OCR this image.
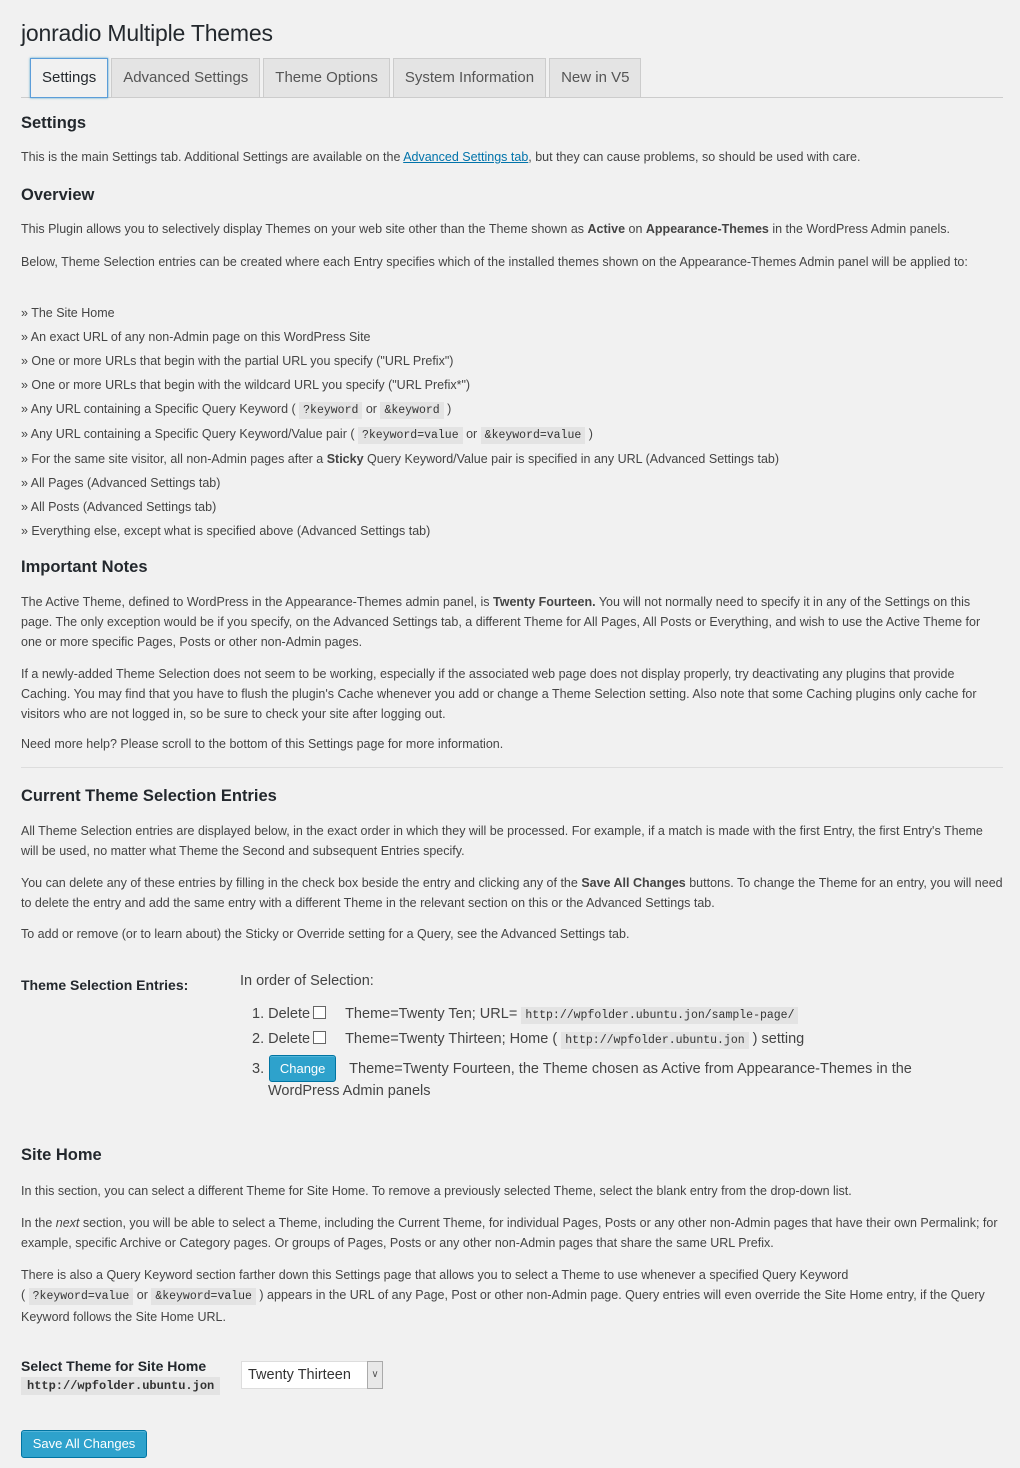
jonradio Multiple Themes
Settings	Advanced Settings	Theme Options	System Information	New in V5
Settings

This is the main Settings tab. Additional Settings are available on the Advanced Settings tab, but they can cause problems, so should be used with care.

Overview

This Plugin allows you to selectively display Themes on your web site other than the Theme shown as Active on Appearance-Themes in the WordPress Admin panels.

Below, Theme Selection entries can be created where each Entry specifies which of the installed themes shown on the Appearance-Themes Admin panel will be applied to:

» The Site Home
» An exact URL of any non-Admin page on this WordPress Site
» One or more URLs that begin with the partial URL you specify ("URL Prefix")
» One or more URLs that begin with the wildcard URL you specify ("URL Prefix*")
» Any URL containing a Specific Query Keyword ( ?keyword or &keyword )
» Any URL containing a Specific Query Keyword/Value pair ( ?keyword=value or &keyword=value )
» For the same site visitor, all non-Admin pages after a Sticky Query Keyword/Value pair is specified in any URL (Advanced Settings tab)
» All Pages (Advanced Settings tab)
» All Posts (Advanced Settings tab)
» Everything else, except what is specified above (Advanced Settings tab)
Important Notes

The Active Theme, defined to WordPress in the Appearance-Themes admin panel, is Twenty Fourteen. You will not normally need to specify it in any of the Settings on this page. The only exception would be if you specify, on the Advanced Settings tab, a different Theme for All Pages, All Posts or Everything, and wish to use the Active Theme for one or more specific Pages, Posts or other non-Admin pages.

If a newly-added Theme Selection does not seem to be working, especially if the associated web page does not display properly, try deactivating any plugins that provide Caching. You may find that you have to flush the plugin's Cache whenever you add or change a Theme Selection setting. Also note that some Caching plugins only cache for visitors who are not logged in, so be sure to check your site after logging out.

Need more help? Please scroll to the bottom of this Settings page for more information.

Current Theme Selection Entries

All Theme Selection entries are displayed below, in the exact order in which they will be processed. For example, if a match is made with the first Entry, the first Entry's Theme will be used, no matter what Theme the Second and subsequent Entries specify.

You can delete any of these entries by filling in the check box beside the entry and clicking any of the Save All Changes buttons. To change the Theme for an entry, you will need to delete the entry and add the same entry with a different Theme in the relevant section on this or the Advanced Settings tab.

To add or remove (or to learn about) the Sticky or Override setting for a Query, see the Advanced Settings tab.

Theme Selection Entries:	In order of Selection:
1. Delete Theme=Twenty Ten; URL= http://wpfolder.ubuntu.jon/sample-page/
2. Delete Theme=Twenty Thirteen; Home ( http://wpfolder.ubuntu.jon ) setting
3. Change Theme=Twenty Fourteen, the Theme chosen as Active from Appearance-Themes in the
WordPress Admin panels
Site Home

In this section, you can select a different Theme for Site Home. To remove a previously selected Theme, select the blank entry from the drop-down list.

In the next section, you will be able to select a Theme, including the Current Theme, for individual Pages, Posts or any other non-Admin pages that have their own Permalink; for example, specific Archive or Category pages. Or groups of Pages, Posts or any other non-Admin pages that share the same URL Prefix.

There is also a Query Keyword section farther down this Settings page that allows you to select a Theme to use whenever a specified Query Keyword
( ?keyword=value or &keyword=value ) appears in the URL of any Page, Post or other non-Admin page. Query entries will even override the Site Home entry, if the Query Keyword follows the Site Home URL.

Select Theme for Site Home
http://wpfolder.ubuntu.jon
Twenty Thirteen	∨
Save All Changes
